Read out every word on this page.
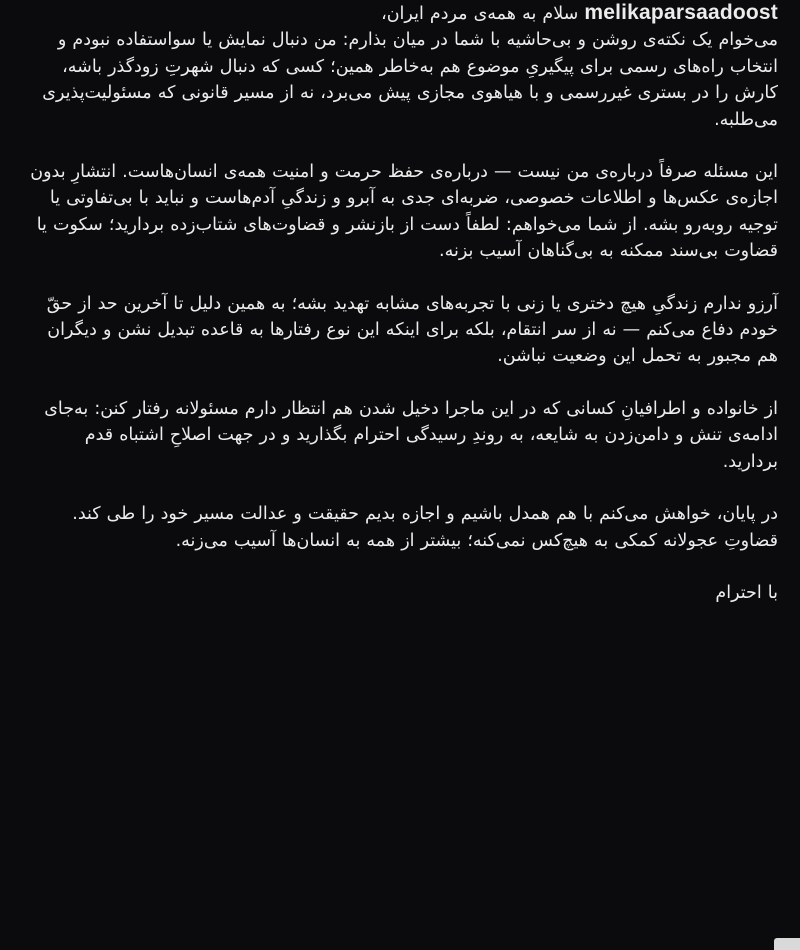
melikaparsaadoostسلام به همه‌ی مردم ایران،
می‌خوام یک نکته‌ی روشن و بی‌حاشیه با شما در میان بذارم: من دنبال نمایش یا سواستفاده نبودم و انتخاب راه‌های رسمی برای پیگیریِ موضوع هم به‌خاطر همین؛ کسی که دنبال شهرتِ زودگذر باشه، کارش را در بستری غیررسمی و با هیاهوی مجازی پیش می‌برد، نه از مسیر قانونی که مسئولیت‌پذیری می‌طلبه.
این مسئله صرفاً درباره‌ی من نیست — درباره‌ی حفظ حرمت و امنیت همه‌ی انسان‌هاست. انتشارِ بدون اجازه‌ی عکس‌ها و اطلاعات خصوصی، ضربه‌ای جدی به آبرو و زندگیِ آدم‌هاست و نباید با بی‌تفاوتی یا توجیه روبه‌رو بشه. از شما می‌خواهم: لطفاً دست از بازنشر و قضاوت‌های شتاب‌زده بردارید؛ سکوت یا قضاوت بی‌سند ممکنه به بی‌گناهان آسیب بزنه.
آرزو ندارم زندگیِ هیچ دختری یا زنی با تجربه‌های مشابه تهدید بشه؛ به همین دلیل تا آخرین حد از حقّ خودم دفاع می‌کنم — نه از سر انتقام، بلکه برای اینکه این نوع رفتارها به قاعده تبدیل نشن و دیگران هم مجبور به تحمل این وضعیت نباشن.
از خانواده و اطرافیانِ کسانی که در این ماجرا دخیل شدن هم انتظار دارم مسئولانه رفتار کنن: به‌جای ادامه‌ی تنش و دامن‌زدن به شایعه، به روندِ رسیدگی احترام بگذارید و در جهت اصلاحِ اشتباه قدم بردارید.
در پایان، خواهش می‌کنم با هم همدل باشیم و اجازه بدیم حقیقت و عدالت مسیر خود را طی کند. قضاوتِ عجولانه کمکی به هیچ‌کس نمی‌کنه؛ بیشتر از همه به انسان‌ها آسیب می‌زنه.
با احترام
